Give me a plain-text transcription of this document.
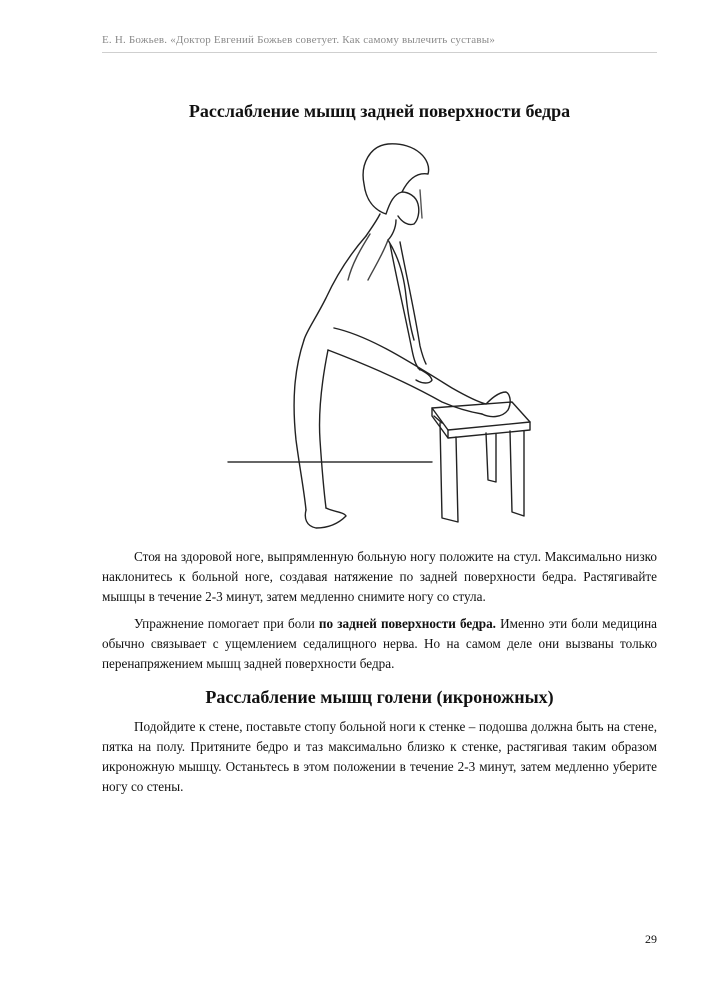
Е. Н. Божьев. «Доктор Евгений Божьев советует. Как самому вылечить суставы»
Расслабление мышц задней поверхности бедра

Стоя на здоровой ноге, выпрямленную больную ногу положите на стул. Максимально низко наклонитесь к больной ноге, создавая натяжение по задней поверхности бедра. Растягивайте мышцы в течение 2-3 минут, затем медленно снимите ногу со стула.

Упражнение помогает при боли по задней поверхности бедра. Именно эти боли медицина обычно связывает с ущемлением седалищного нерва. Но на самом деле они вызваны только перенапряжением мышц задней поверхности бедра.

Расслабление мышц голени (икроножных)

Подойдите к стене, поставьте стопу больной ноги к стенке – подошва должна быть на стене, пятка на полу. Притяните бедро и таз максимально близко к стенке, растягивая таким образом икроножную мышцу. Останьтесь в этом положении в течение 2-3 минут, затем медленно уберите ногу со стены.

29
